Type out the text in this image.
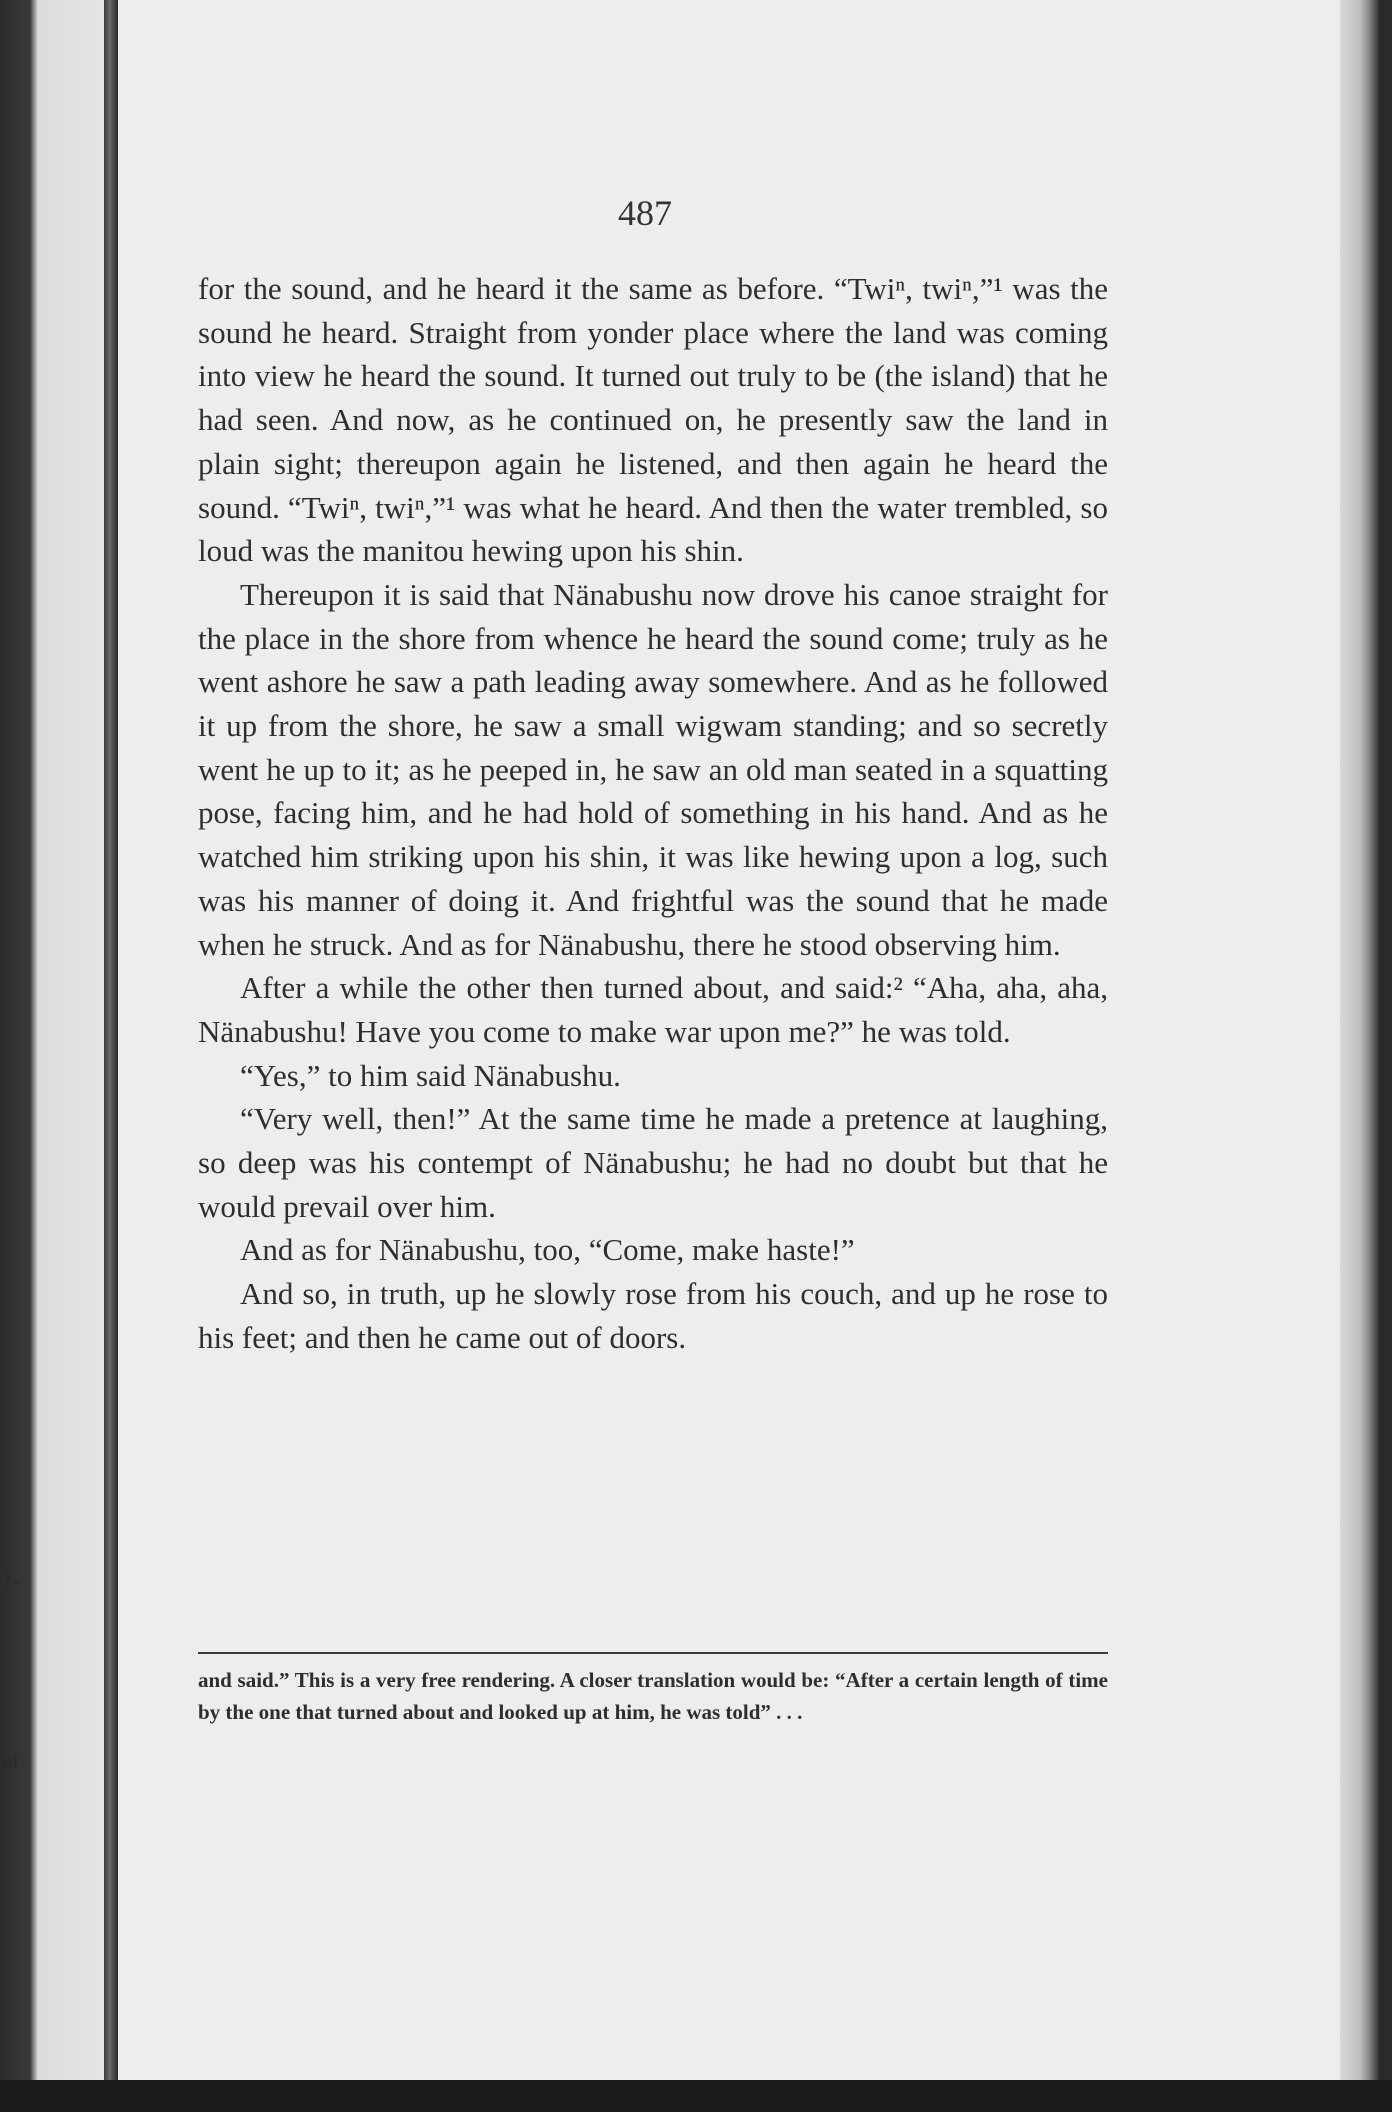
1-
ut
487

for the sound, and he heard it the same as before. “Twiⁿ, twiⁿ,”¹ was the sound he heard. Straight from yonder place where the land was coming into view he heard the sound. It turned out truly to be (the island) that he had seen. And now, as he continued on, he presently saw the land in plain sight; thereupon again he listened, and then again he heard the sound. “Twiⁿ, twiⁿ,”¹ was what he heard. And then the water trembled, so loud was the manitou hewing upon his shin.

Thereupon it is said that Nänabushu now drove his canoe straight for the place in the shore from whence he heard the sound come; truly as he went ashore he saw a path leading away somewhere. And as he followed it up from the shore, he saw a small wigwam standing; and so secretly went he up to it; as he peeped in, he saw an old man seated in a squatting pose, facing him, and he had hold of something in his hand. And as he watched him striking upon his shin, it was like hewing upon a log, such was his manner of doing it. And frightful was the sound that he made when he struck. And as for Nänabushu, there he stood observing him.

After a while the other then turned about, and said:² “Aha, aha, aha, Nänabushu! Have you come to make war upon me?” he was told.

“Yes,” to him said Nänabushu.

“Very well, then!” At the same time he made a pretence at laughing, so deep was his contempt of Nänabushu; he had no doubt but that he would prevail over him.

And as for Nänabushu, too, “Come, make haste!”

And so, in truth, up he slowly rose from his couch, and up he rose to his feet; and then he came out of doors.

and said.” This is a very free rendering. A closer translation would be: “After a certain length of time by the one that turned about and looked up at him, he was told” . . .
